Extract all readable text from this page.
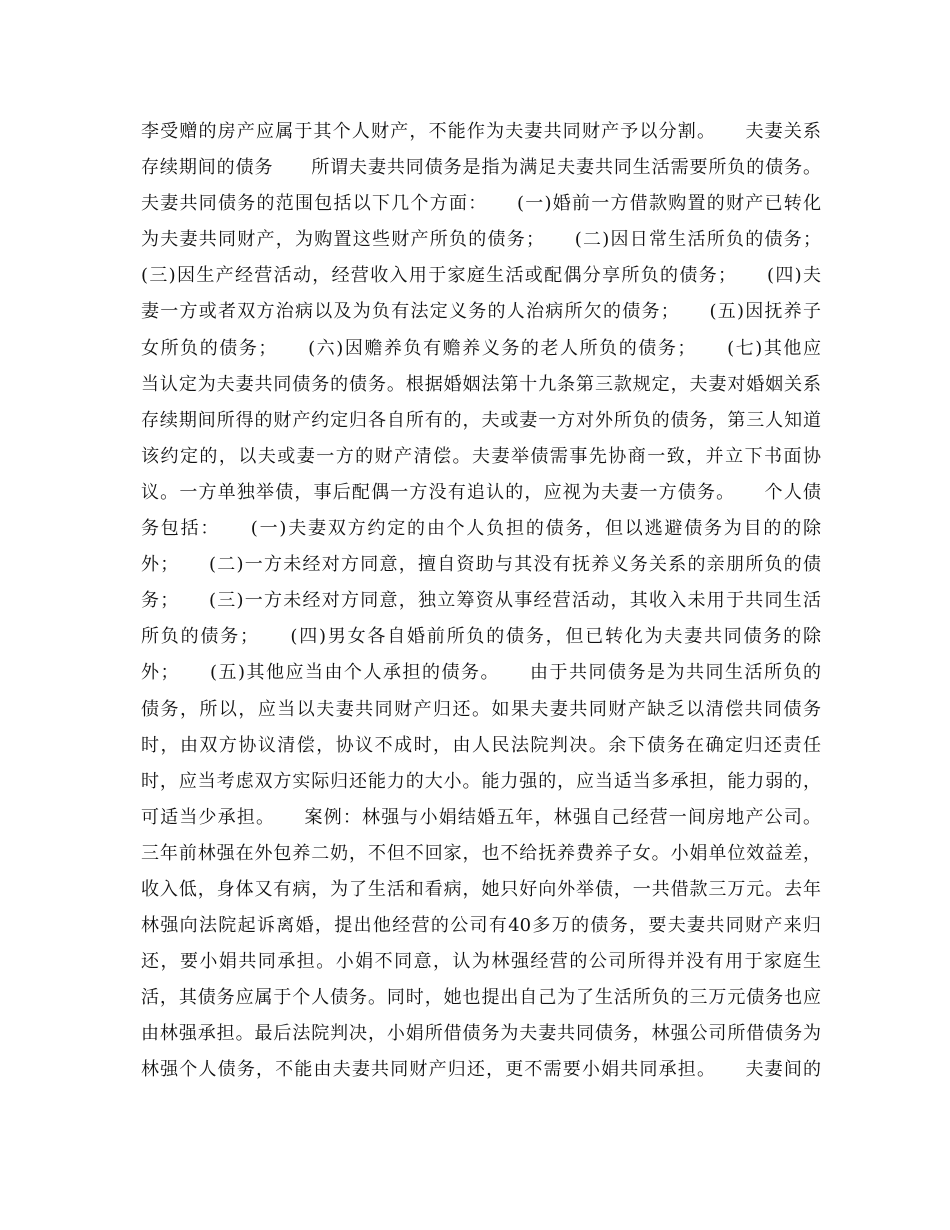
李受赠的房产应属于其个人财产，不能作为夫妻共同财产予以分割。　　夫妻关系
存续期间的债务　　所谓夫妻共同债务是指为满足夫妻共同生活需要所负的债务。
夫妻共同债务的范围包括以下几个方面：　　(一)婚前一方借款购置的财产已转化
为夫妻共同财产，为购置这些财产所负的债务；　　(二)因日常生活所负的债务；
(三)因生产经营活动，经营收入用于家庭生活或配偶分享所负的债务；　　(四)夫
妻一方或者双方治病以及为负有法定义务的人治病所欠的债务；　　(五)因抚养子
女所负的债务；　　(六)因赡养负有赡养义务的老人所负的债务；　　(七)其他应
当认定为夫妻共同债务的债务。根据婚姻法第十九条第三款规定，夫妻对婚姻关系
存续期间所得的财产约定归各自所有的，夫或妻一方对外所负的债务，第三人知道
该约定的，以夫或妻一方的财产清偿。夫妻举债需事先协商一致，并立下书面协
议。一方单独举债，事后配偶一方没有追认的，应视为夫妻一方债务。　　个人债
务包括：　　(一)夫妻双方约定的由个人负担的债务，但以逃避债务为目的的除
外；　　(二)一方未经对方同意，擅自资助与其没有抚养义务关系的亲朋所负的债
务；　　(三)一方未经对方同意，独立筹资从事经营活动，其收入未用于共同生活
所负的债务；　　(四)男女各自婚前所负的债务，但已转化为夫妻共同债务的除
外；　　(五)其他应当由个人承担的债务。　　由于共同债务是为共同生活所负的
债务，所以，应当以夫妻共同财产归还。如果夫妻共同财产缺乏以清偿共同债务
时，由双方协议清偿，协议不成时，由人民法院判决。余下债务在确定归还责任
时，应当考虑双方实际归还能力的大小。能力强的，应当适当多承担，能力弱的，
可适当少承担。　　案例：林强与小娟结婚五年，林强自己经营一间房地产公司。
三年前林强在外包养二奶，不但不回家，也不给抚养费养子女。小娟单位效益差，
收入低，身体又有病，为了生活和看病，她只好向外举债，一共借款三万元。去年
林强向法院起诉离婚，提出他经营的公司有40多万的债务，要夫妻共同财产来归
还，要小娟共同承担。小娟不同意，认为林强经营的公司所得并没有用于家庭生
活，其债务应属于个人债务。同时，她也提出自己为了生活所负的三万元债务也应
由林强承担。最后法院判决，小娟所借债务为夫妻共同债务，林强公司所借债务为
林强个人债务，不能由夫妻共同财产归还，更不需要小娟共同承担。　　夫妻间的
